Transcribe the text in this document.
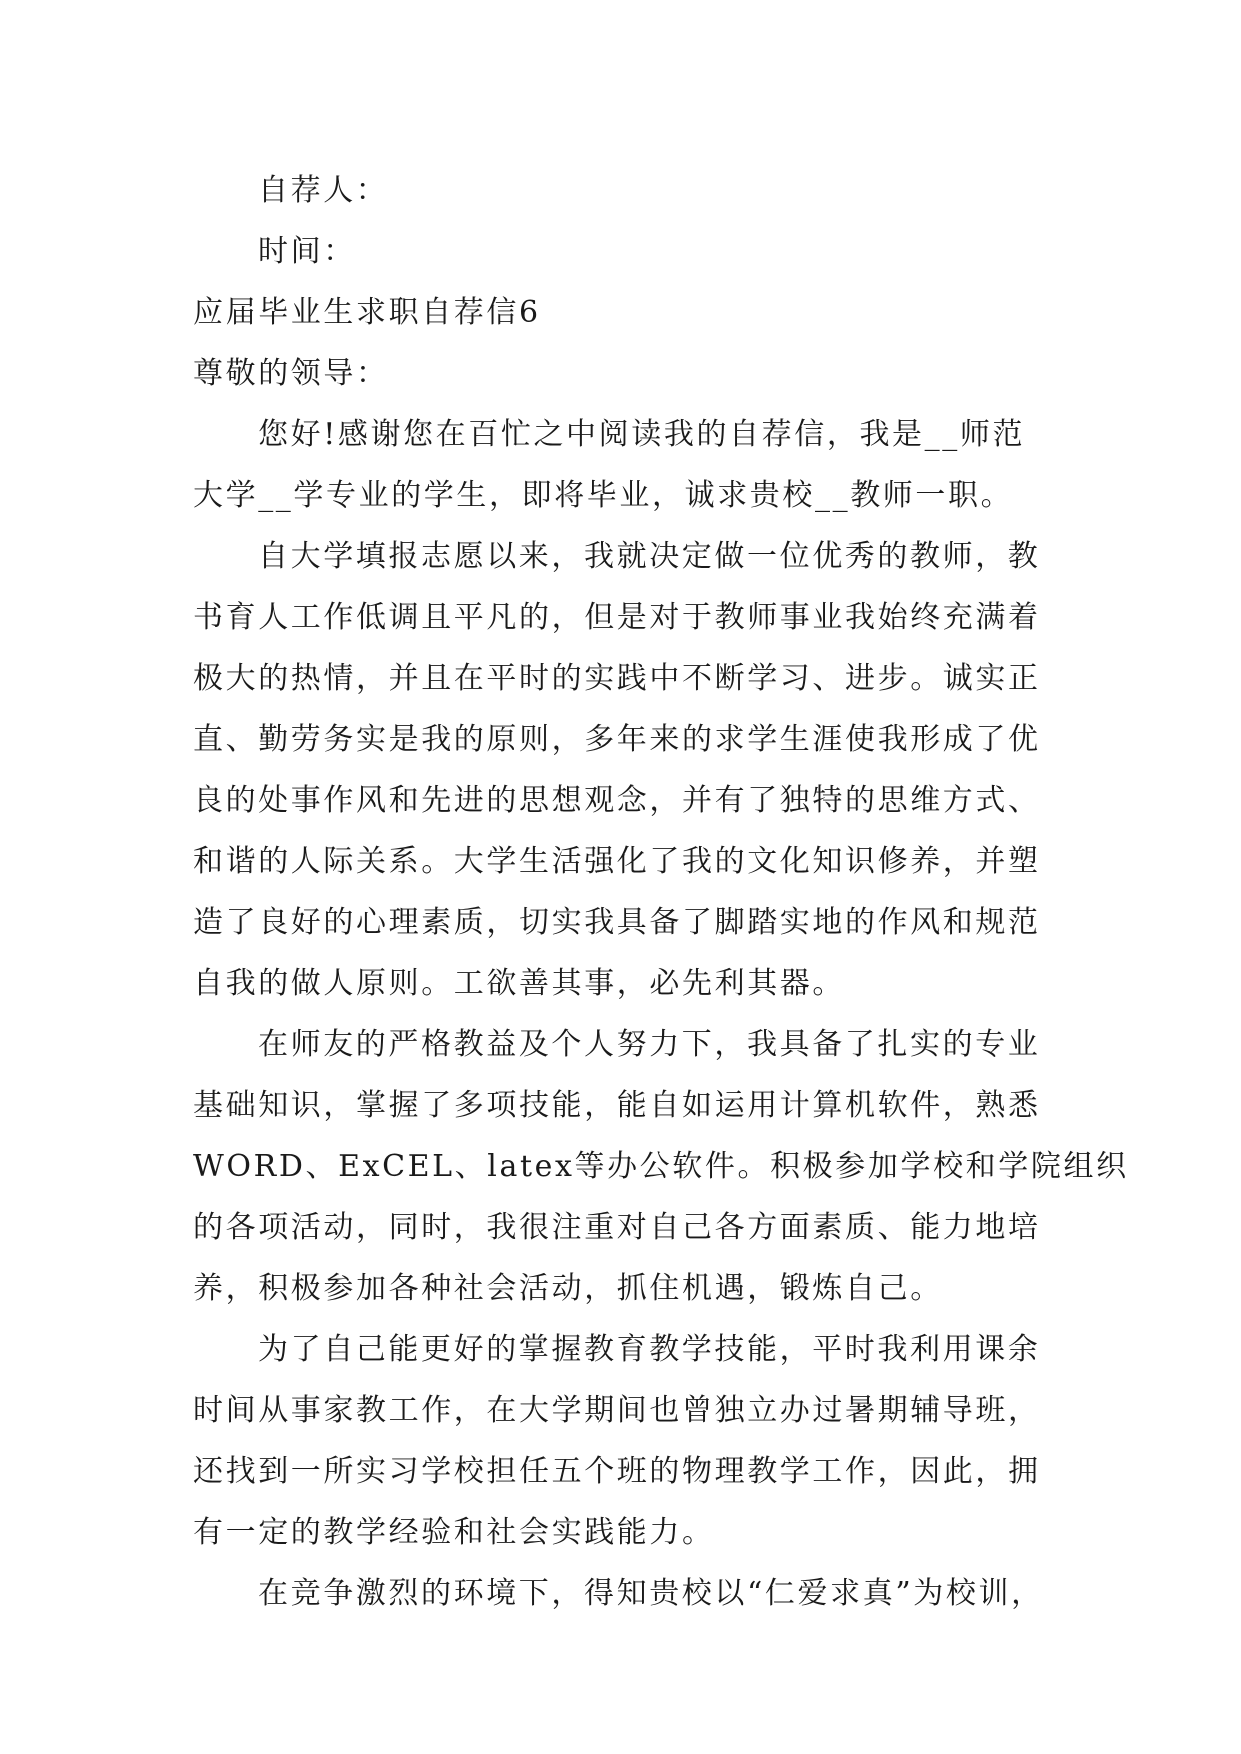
自荐人：
时间：
应届毕业生求职自荐信6
尊敬的领导：
您好!感谢您在百忙之中阅读我的自荐信，我是__师范
大学__学专业的学生，即将毕业，诚求贵校__教师一职。
自大学填报志愿以来，我就决定做一位优秀的教师，教
书育人工作低调且平凡的，但是对于教师事业我始终充满着
极大的热情，并且在平时的实践中不断学习、进步。诚实正
直、勤劳务实是我的原则，多年来的求学生涯使我形成了优
良的处事作风和先进的思想观念，并有了独特的思维方式、
和谐的人际关系。大学生活强化了我的文化知识修养，并塑
造了良好的心理素质，切实我具备了脚踏实地的作风和规范
自我的做人原则。工欲善其事，必先利其器。
在师友的严格教益及个人努力下，我具备了扎实的专业
基础知识，掌握了多项技能，能自如运用计算机软件，熟悉
WORD、ExCEL、latex等办公软件。积极参加学校和学院组织
的各项活动，同时，我很注重对自己各方面素质、能力地培
养，积极参加各种社会活动，抓住机遇，锻炼自己。
为了自己能更好的掌握教育教学技能，平时我利用课余
时间从事家教工作，在大学期间也曾独立办过暑期辅导班，
还找到一所实习学校担任五个班的物理教学工作，因此，拥
有一定的教学经验和社会实践能力。
在竞争激烈的环境下，得知贵校以“仁爱求真”为校训，
